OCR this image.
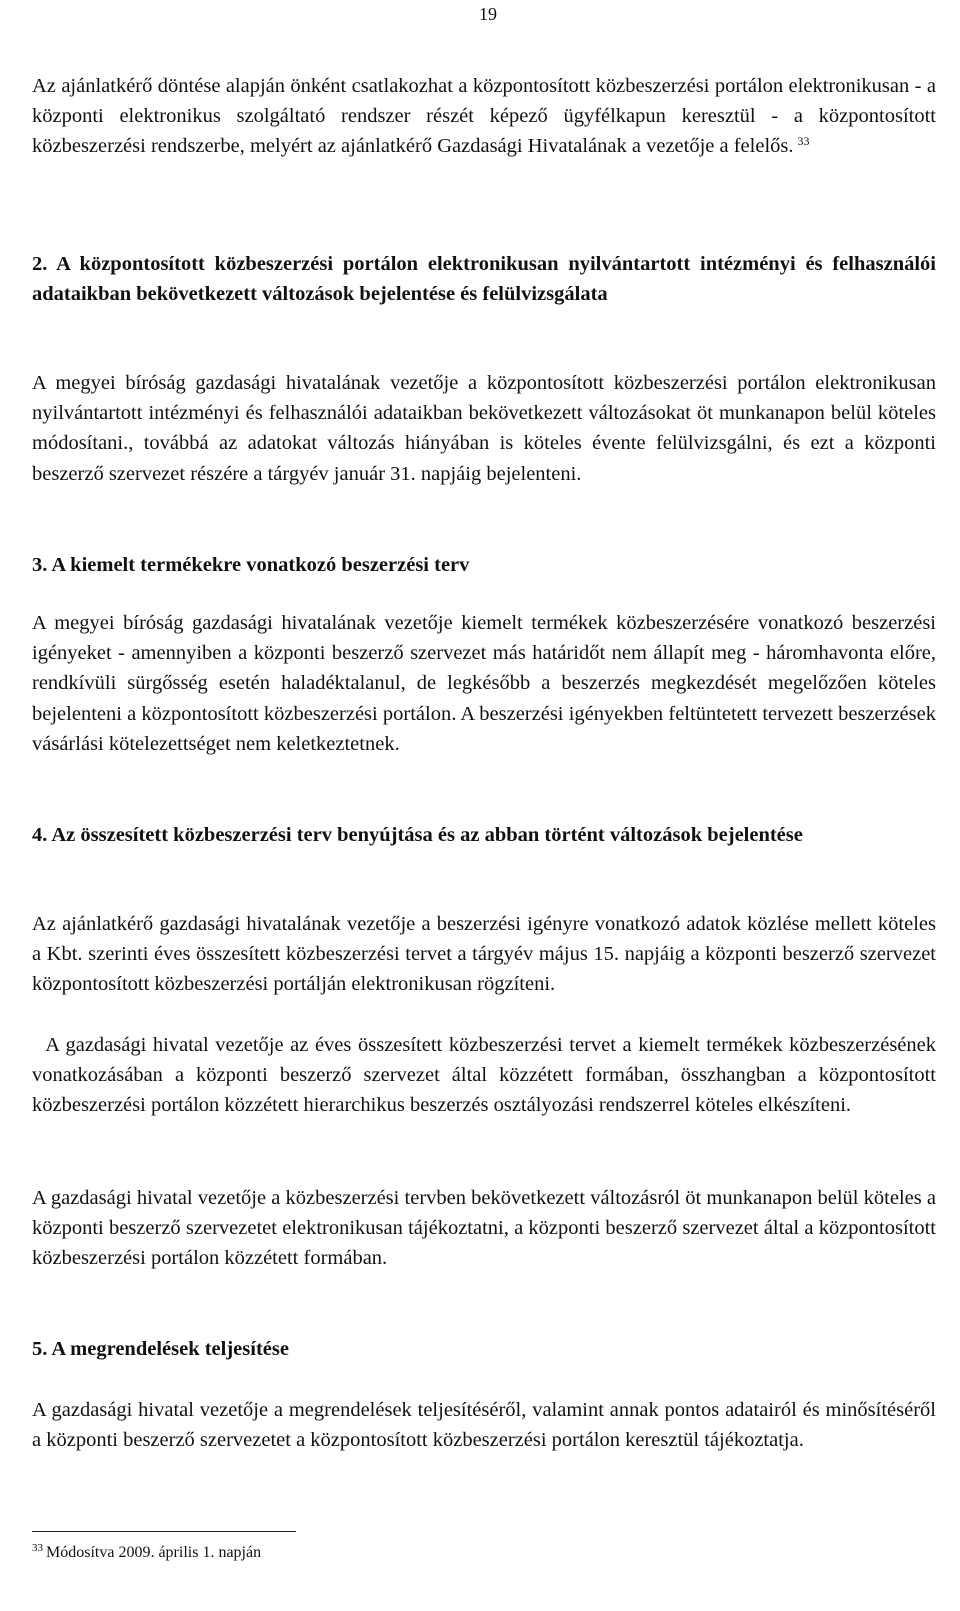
19

Az ajánlatkérő döntése alapján önként csatlakozhat a központosított közbeszerzési portálon elektronikusan - a központi elektronikus szolgáltató rendszer részét képező ügyfélkapun keresztül - a központosított közbeszerzési rendszerbe, melyért az ajánlatkérő Gazdasági Hivatalának a vezetője a felelős. $^{33}$

2. A központosított közbeszerzési portálon elektronikusan nyilvántartott intézményi és felhasználói adataikban bekövetkezett változások bejelentése és felülvizsgálata

A megyei bíróság gazdasági hivatalának vezetője a központosított közbeszerzési portálon elektronikusan nyilvántartott intézményi és felhasználói adataikban bekövetkezett változásokat öt munkanapon belül köteles módosítani., továbbá az adatokat változás hiányában is köteles évente felülvizsgálni, és ezt a központi beszerző szervezet részére a tárgyév január 31. napjáig bejelenteni.

3. A kiemelt termékekre vonatkozó beszerzési terv

A megyei bíróság gazdasági hivatalának vezetője kiemelt termékek közbeszerzésére vonatkozó beszerzési igényeket - amennyiben a központi beszerző szervezet más határidőt nem állapít meg - háromhavonta előre, rendkívüli sürgősség esetén haladéktalanul, de legkésőbb a beszerzés megkezdését megelőzően köteles bejelenteni a központosított közbeszerzési portálon. A beszerzési igényekben feltüntetett tervezett beszerzések vásárlási kötelezettséget nem keletkeztetnek.

4. Az összesített közbeszerzési terv benyújtása és az abban történt változások bejelentése

Az ajánlatkérő gazdasági hivatalának vezetője a beszerzési igényre vonatkozó adatok közlése mellett köteles a Kbt. szerinti éves összesített közbeszerzési tervet a tárgyév május 15. napjáig a központi beszerző szervezet központosított közbeszerzési portálján elektronikusan rögzíteni.

A gazdasági hivatal vezetője az éves összesített közbeszerzési tervet a kiemelt termékek közbeszerzésének vonatkozásában a központi beszerző szervezet által közzétett formában, összhangban a központosított közbeszerzési portálon közzétett hierarchikus beszerzés osztályozási rendszerrel köteles elkészíteni.

A gazdasági hivatal vezetője a közbeszerzési tervben bekövetkezett változásról öt munkanapon belül köteles a központi beszerző szervezetet elektronikusan tájékoztatni, a központi beszerző szervezet által a központosított közbeszerzési portálon közzétett formában.

5. A megrendelések teljesítése

A gazdasági hivatal vezetője a megrendelések teljesítéséről, valamint annak pontos adatairól és minősítéséről a központi beszerző szervezetet a központosított közbeszerzési portálon keresztül tájékoztatja.

$^{33}$ Módosítva 2009. április 1. napján
